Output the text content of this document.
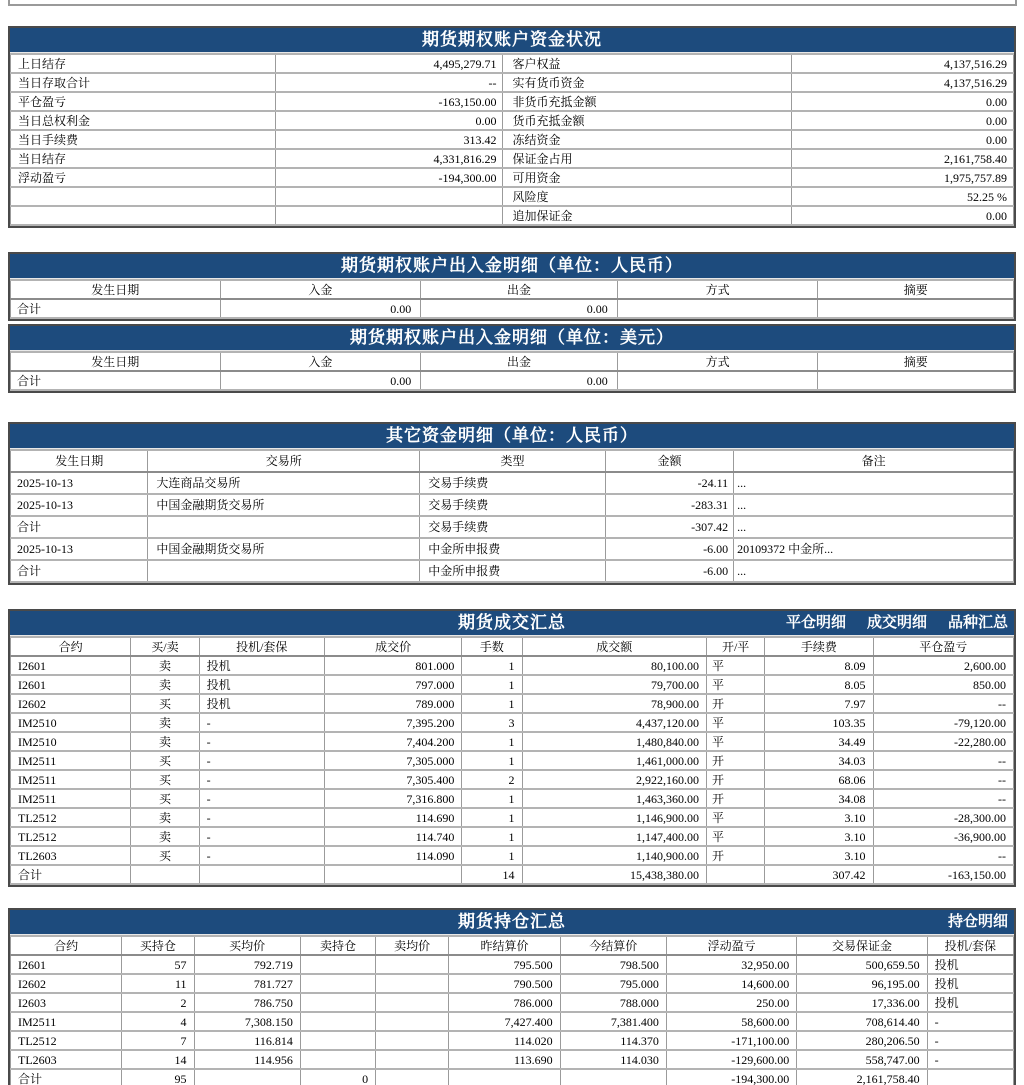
期货期权账户资金状况
上日结存	4,495,279.71	客户权益	4,137,516.29
当日存取合计	--	实有货币资金	4,137,516.29
平仓盈亏	-163,150.00	非货币充抵金额	0.00
当日总权利金	0.00	货币充抵金额	0.00
当日手续费	313.42	冻结资金	0.00
当日结存	4,331,816.29	保证金占用	2,161,758.40
浮动盈亏	-194,300.00	可用资金	1,975,757.89
		风险度	52.25 %
		追加保证金	0.00
期货期权账户出入金明细（单位：人民币）
发生日期	入金	出金	方式	摘要
合计	0.00	0.00		
期货期权账户出入金明细（单位：美元）
发生日期	入金	出金	方式	摘要
合计	0.00	0.00		
其它资金明细（单位：人民币）
发生日期	交易所	类型	金额	备注
2025-10-13	大连商品交易所	交易手续费	-24.11	...
2025-10-13	中国金融期货交易所	交易手续费	-283.31	...
合计		交易手续费	-307.42	...
2025-10-13	中国金融期货交易所	中金所申报费	-6.00	20109372 中金所...
合计		中金所申报费	-6.00	...
期货成交汇总	平仓明细 成交明细 品种汇总
合约	买/卖	投机/套保	成交价	手数	成交额	开/平	手续费	平仓盈亏
I2601	卖	投机	801.000	1	80,100.00	平	8.09	2,600.00
I2601	卖	投机	797.000	1	79,700.00	平	8.05	850.00
I2602	买	投机	789.000	1	78,900.00	开	7.97	--
IM2510	卖	-	7,395.200	3	4,437,120.00	平	103.35	-79,120.00
IM2510	卖	-	7,404.200	1	1,480,840.00	平	34.49	-22,280.00
IM2511	买	-	7,305.000	1	1,461,000.00	开	34.03	--
IM2511	买	-	7,305.400	2	2,922,160.00	开	68.06	--
IM2511	买	-	7,316.800	1	1,463,360.00	开	34.08	--
TL2512	卖	-	114.690	1	1,146,900.00	平	3.10	-28,300.00
TL2512	卖	-	114.740	1	1,147,400.00	平	3.10	-36,900.00
TL2603	买	-	114.090	1	1,140,900.00	开	3.10	--
合计				14	15,438,380.00		307.42	-163,150.00
期货持仓汇总	持仓明细
合约	买持仓	买均价	卖持仓	卖均价	昨结算价	今结算价	浮动盈亏	交易保证金	投机/套保
I2601	57	792.719			795.500	798.500	32,950.00	500,659.50	投机
I2602	11	781.727			790.500	795.000	14,600.00	96,195.00	投机
I2603	2	786.750			786.000	788.000	250.00	17,336.00	投机
IM2511	4	7,308.150			7,427.400	7,381.400	58,600.00	708,614.40	-
TL2512	7	116.814			114.020	114.370	-171,100.00	280,206.50	-
TL2603	14	114.956			113.690	114.030	-129,600.00	558,747.00	-
合计	95		0				-194,300.00	2,161,758.40	
